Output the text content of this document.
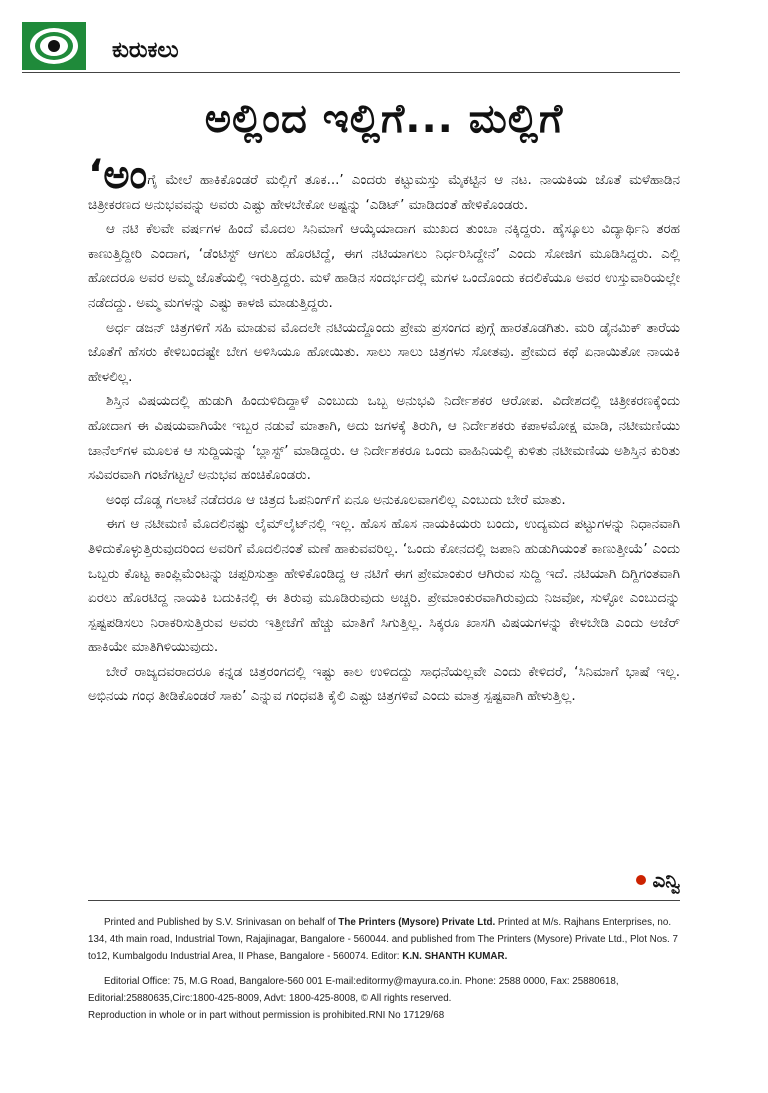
ಕುರುಕಲು
ಅಲ್ಲಿಂದ ಇಲ್ಲಿಗೆ... ಮಲ್ಲಿಗೆ

‘ಅಂಗೈ ಮೇಲೆ ಹಾಕಿಕೊಂಡರೆ ಮಲ್ಲಿಗೆ ತೂಕ...’ ಎಂದರು ಕಟ್ಟುಮಸ್ತು ಮೈಕಟ್ಟಿನ ಆ ನಟ. ನಾಯಕಿಯ ಜೊತೆ ಮಳೆಹಾಡಿನ ಚಿತ್ರೀಕರಣದ ಅನುಭವವನ್ನು ಅವರು ಎಷ್ಟು ಹೇಳಬೇಕೋ ಅಷ್ಟನ್ನು ‘ಎಡಿಟ್’ ಮಾಡಿದಂತೆ ಹೇಳಿಕೊಂಡರು.

ಆ ನಟಿ ಕೆಲವೇ ವರ್ಷಗಳ ಹಿಂದೆ ಮೊದಲ ಸಿನಿಮಾಗೆ ಆಯ್ಕೆಯಾದಾಗ ಮುಖದ ತುಂಬಾ ನಕ್ಕಿದ್ದರು. ಹೈಸ್ಕೂಲು ವಿದ್ಯಾರ್ಥಿನಿ ತರಹ ಕಾಣುತ್ತಿದ್ದೀರಿ ಎಂದಾಗ, ‘ಡೆಂಟಿಸ್ಟ್ ಆಗಲು ಹೊರಟಿದ್ದೆ, ಈಗ ನಟಿಯಾಗಲು ನಿರ್ಧರಿಸಿದ್ದೇನೆ’ ಎಂದು ಸೋಜಿಗ ಮೂಡಿಸಿದ್ದರು. ಎಲ್ಲಿ ಹೋದರೂ ಅವರ ಅಮ್ಮ ಜೊತೆಯಲ್ಲಿ ಇರುತ್ತಿದ್ದರು. ಮಳೆ ಹಾಡಿನ ಸಂದರ್ಭದಲ್ಲಿ ಮಗಳ ಒಂದೊಂದು ಕದಲಿಕೆಯೂ ಅವರ ಉಸ್ತುವಾರಿಯಲ್ಲೇ ನಡೆದದ್ದು. ಅಮ್ಮ ಮಗಳನ್ನು ಎಷ್ಟು ಕಾಳಜಿ ಮಾಡುತ್ತಿದ್ದರು.

ಅರ್ಧ ಡಜನ್ ಚಿತ್ರಗಳಿಗೆ ಸಹಿ ಮಾಡುವ ಮೊದಲೇ ನಟಿಯದ್ದೊಂದು ಪ್ರೇಮ ಪ್ರಸಂಗದ ಪುಗ್ಗೆ ಹಾರತೊಡಗಿತು. ಮರಿ ಡೈನಮಿಕ್ ತಾರೆಯ ಜೊತೆಗೆ ಹೆಸರು ಕೇಳಿಬಂದಷ್ಟೇ ಬೇಗ ಅಳಿಸಿಯೂ ಹೋಯಿತು. ಸಾಲು ಸಾಲು ಚಿತ್ರಗಳು ಸೋತವು. ಪ್ರೇಮದ ಕಥೆ ಏನಾಯಿತೋ ನಾಯಕಿ ಹೇಳಲಿಲ್ಲ.

ಶಿಸ್ತಿನ ವಿಷಯದಲ್ಲಿ ಹುಡುಗಿ ಹಿಂದುಳಿದಿದ್ದಾಳೆ ಎಂಬುದು ಒಬ್ಬ ಅನುಭವಿ ನಿರ್ದೇಶಕರ ಆರೋಪ. ವಿದೇಶದಲ್ಲಿ ಚಿತ್ರೀಕರಣಕ್ಕೆಂದು ಹೋದಾಗ ಈ ವಿಷಯವಾಗಿಯೇ ಇಬ್ಬರ ನಡುವೆ ಮಾತಾಗಿ, ಅದು ಜಗಳಕ್ಕೆ ತಿರುಗಿ, ಆ ನಿರ್ದೇಶಕರು ಕಪಾಳಮೋಕ್ಷ ಮಾಡಿ, ನಟೀಮಣಿಯು ಚಾನೆಲ್‌ಗಳ ಮೂಲಕ ಆ ಸುದ್ದಿಯನ್ನು ‘ಬ್ಲಾಸ್ಟ್’ ಮಾಡಿದ್ದರು. ಆ ನಿರ್ದೇಶಕರೂ ಒಂದು ವಾಹಿನಿಯಲ್ಲಿ ಕುಳಿತು ನಟೀಮಣಿಯ ಅಶಿಸ್ತಿನ ಕುರಿತು ಸವಿವರವಾಗಿ ಗಂಟೆಗಟ್ಟಲೆ ಅನುಭವ ಹಂಚಿಕೊಂಡರು.

ಅಂಥ ದೊಡ್ಡ ಗಲಾಟೆ ನಡೆದರೂ ಆ ಚಿತ್ರದ ಓಪನಿಂಗ್‌ಗೆ ಏನೂ ಅನುಕೂಲವಾಗಲಿಲ್ಲ ಎಂಬುದು ಬೇರೆ ಮಾತು.

ಈಗ ಆ ನಟೀಮಣಿ ಮೊದಲಿನಷ್ಟು ಲೈಮ್‌ಲೈಟ್‌ನಲ್ಲಿ ಇಲ್ಲ. ಹೊಸ ಹೊಸ ನಾಯಕಿಯರು ಬಂದು, ಉದ್ಯಮದ ಪಟ್ಟುಗಳನ್ನು ನಿಧಾನವಾಗಿ ತಿಳಿದುಕೊಳ್ಳುತ್ತಿರುವುದರಿಂದ ಅವರಿಗೆ ಮೊದಲಿನಂತೆ ಮಣೆ ಹಾಕುವವರಿಲ್ಲ. ‘ಒಂದು ಕೋನದಲ್ಲಿ ಜಪಾನಿ ಹುಡುಗಿಯಂತೆ ಕಾಣುತ್ತೀಯೆ’ ಎಂದು ಒಬ್ಬರು ಕೊಟ್ಟ ಕಾಂಪ್ಲಿಮೆಂಟನ್ನು ಚಪ್ಪರಿಸುತ್ತಾ ಹೇಳಿಕೊಂಡಿದ್ದ ಆ ನಟಿಗೆ ಈಗ ಪ್ರೇಮಾಂಕುರ ಆಗಿರುವ ಸುದ್ದಿ ಇದೆ. ನಟಿಯಾಗಿ ದಿಗ್ದಿಗಂತವಾಗಿ ಏರಲು ಹೊರಟಿದ್ದ ನಾಯಕಿ ಬದುಕಿನಲ್ಲಿ ಈ ತಿರುವು ಮೂಡಿರುವುದು ಅಚ್ಚರಿ. ಪ್ರೇಮಾಂಕುರವಾಗಿರುವುದು ನಿಜವೋ, ಸುಳ್ಳೋ ಎಂಬುದನ್ನು ಸ್ಪಷ್ಟಪಡಿಸಲು ನಿರಾಕರಿಸುತ್ತಿರುವ ಅವರು ಇತ್ತೀಚೆಗೆ ಹೆಚ್ಚು ಮಾತಿಗೆ ಸಿಗುತ್ತಿಲ್ಲ. ಸಿಕ್ಕರೂ ಖಾಸಗಿ ವಿಷಯಗಳನ್ನು ಕೇಳಬೇಡಿ ಎಂದು ಅಜೆರ್ ಹಾಕಿಯೇ ಮಾತಿಗಿಳಿಯುವುದು.

ಬೇರೆ ರಾಜ್ಯದವರಾದರೂ ಕನ್ನಡ ಚಿತ್ರರಂಗದಲ್ಲಿ ಇಷ್ಟು ಕಾಲ ಉಳಿದದ್ದು ಸಾಧನೆಯಲ್ಲವೇ ಎಂದು ಕೇಳಿದರೆ, ‘ಸಿನಿಮಾಗೆ ಭಾಷೆ ಇಲ್ಲ. ಅಭಿನಯ ಗಂಧ ತೀಡಿಕೊಂಡರೆ ಸಾಕು’ ಎನ್ನುವ ಗಂಧವತಿ ಕೈಲಿ ಎಷ್ಟು ಚಿತ್ರಗಳಿವೆ ಎಂದು ಮಾತ್ರ ಸ್ಪಷ್ಟವಾಗಿ ಹೇಳುತ್ತಿಲ್ಲ.

ಎನ್ವಿ

Printed and Published by S.V. Srinivasan on behalf of The Printers (Mysore) Private Ltd. Printed at M/s. Rajhans Enterprises, no. 134, 4th main road, Industrial Town, Rajajinagar, Bangalore - 560044. and published from The Printers (Mysore) Private Ltd., Plot Nos. 7 to12, Kumbalgodu Industrial Area, II Phase, Bangalore - 560074. Editor: K.N. SHANTH KUMAR.

Editorial Office: 75, M.G Road, Bangalore-560 001 E-mail:editormy@mayura.co.in. Phone: 2588 0000, Fax: 25880618, Editorial:25880635,Circ:1800-425-8009, Advt: 1800-425-8008, © All rights reserved.
Reproduction in whole or in part without permission is prohibited.RNI No 17129/68
